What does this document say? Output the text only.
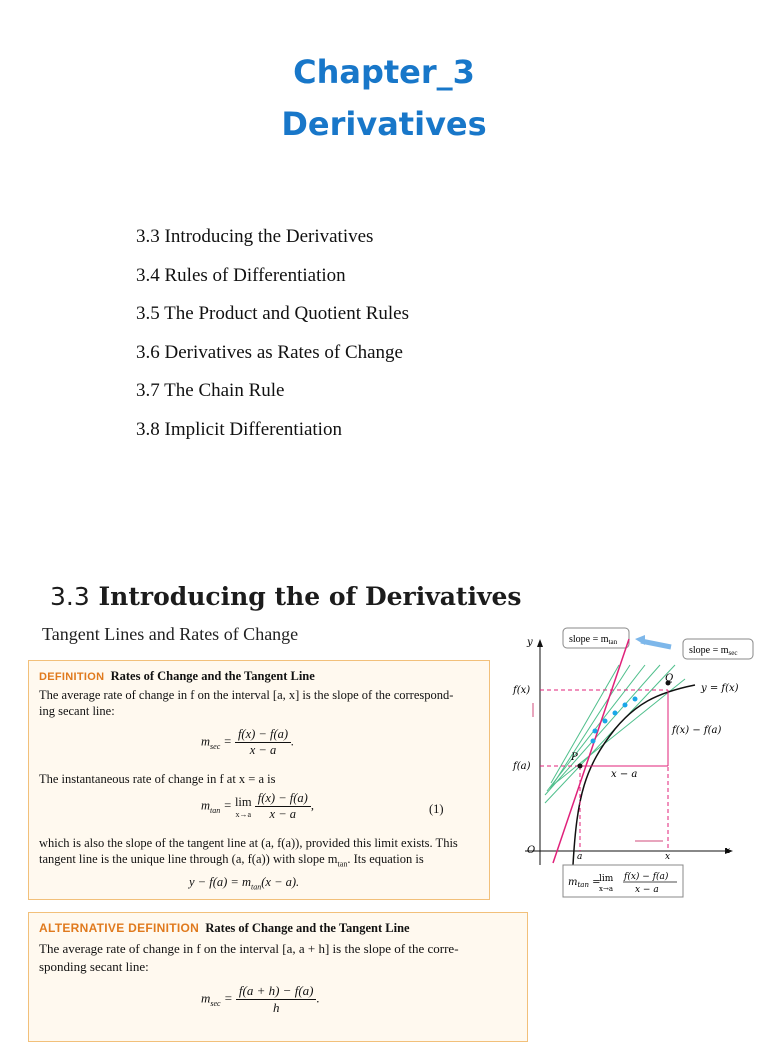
Chapter_3
Derivatives
3.3 Introducing the Derivatives
3.4 Rules of Differentiation
3.5 The Product and Quotient Rules
3.6 Derivatives as Rates of Change
3.7 The Chain Rule
3.8 Implicit Differentiation
3.3 Introducing the of Derivatives
Tangent Lines and Rates of Change
DEFINITION Rates of Change and the Tangent Line
The average rate of change in f on the interval [a, x] is the slope of the correspond-
ing secant line:
$m_{sec} = \frac{f(x) - f(a)}{x - a}$ .
The instantaneous rate of change in f at x = a is
$m_{tan} = \lim$
x→a
$\frac{f(x) - f(a)}{x - a}$ ,	(1)
which is also the slope of the tangent line at (a, f(a)), provided this limit exists. This
tangent line is the unique line through (a, f(a)) with slope $m_{tan}$. Its equation is
$y - f(a) = m_{tan}(x - a)$.
ALTERNATIVE DEFINITION Rates of Change and the Tangent Line
The average rate of change in f on the interval [a, a + h] is the slope of the corre-
sponding secant line:
$m_{sec} = \frac{f(a + h) - f(a)}{h}$ .
slope = $m_{tan}$
slope = $m_{sec}$
y
x
O
f(x)
f(a)
a	x
P
Q
y = f(x)
f(x) − f(a)
x − a
$m_{tan}$ =
lim
x→a
f(x) − f(a)
x − a
